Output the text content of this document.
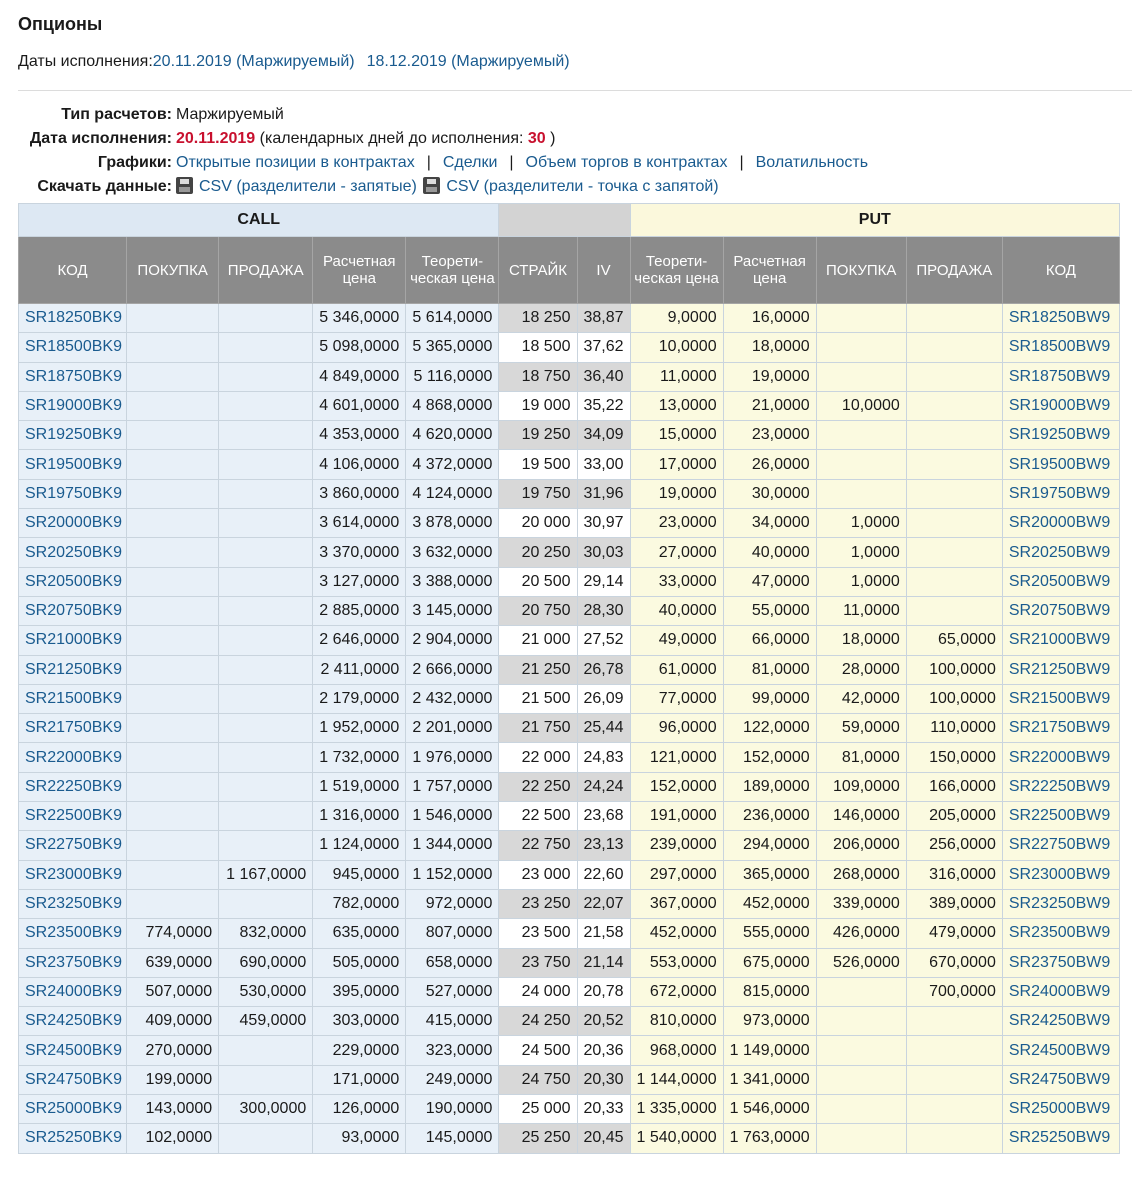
Опционы
Даты исполнения:20.11.2019 (Маржируемый) 18.12.2019 (Маржируемый)
Тип расчетов: Маржируемый
Дата исполнения: 20.11.2019 (календарных дней до исполнения: 30 )
Графики: Открытые позиции в контрактах | Сделки | Объем торгов в контрактах | Волатильность
Скачать данные:	CSV (разделители - запятые) CSV (разделители - точка с запятой)
CALL							PUT				
КОД	ПОКУПКА	ПРОДАЖА	Расчетная цена	Теорети-ческая цена	СТРАЙК	IV	Теорети-ческая цена	Расчетная цена	ПОКУПКА	ПРОДАЖА	КОД
SR18250BK9			5 346,0000	5 614,0000	18 250	38,87	9,0000	16,0000			SR18250BW9
SR18500BK9			5 098,0000	5 365,0000	18 500	37,62	10,0000	18,0000			SR18500BW9
SR18750BK9			4 849,0000	5 116,0000	18 750	36,40	11,0000	19,0000			SR18750BW9
SR19000BK9			4 601,0000	4 868,0000	19 000	35,22	13,0000	21,0000	10,0000		SR19000BW9
SR19250BK9			4 353,0000	4 620,0000	19 250	34,09	15,0000	23,0000			SR19250BW9
SR19500BK9			4 106,0000	4 372,0000	19 500	33,00	17,0000	26,0000			SR19500BW9
SR19750BK9			3 860,0000	4 124,0000	19 750	31,96	19,0000	30,0000			SR19750BW9
SR20000BK9			3 614,0000	3 878,0000	20 000	30,97	23,0000	34,0000	1,0000		SR20000BW9
SR20250BK9			3 370,0000	3 632,0000	20 250	30,03	27,0000	40,0000	1,0000		SR20250BW9
SR20500BK9			3 127,0000	3 388,0000	20 500	29,14	33,0000	47,0000	1,0000		SR20500BW9
SR20750BK9			2 885,0000	3 145,0000	20 750	28,30	40,0000	55,0000	11,0000		SR20750BW9
SR21000BK9			2 646,0000	2 904,0000	21 000	27,52	49,0000	66,0000	18,0000	65,0000	SR21000BW9
SR21250BK9			2 411,0000	2 666,0000	21 250	26,78	61,0000	81,0000	28,0000	100,0000	SR21250BW9
SR21500BK9			2 179,0000	2 432,0000	21 500	26,09	77,0000	99,0000	42,0000	100,0000	SR21500BW9
SR21750BK9			1 952,0000	2 201,0000	21 750	25,44	96,0000	122,0000	59,0000	110,0000	SR21750BW9
SR22000BK9			1 732,0000	1 976,0000	22 000	24,83	121,0000	152,0000	81,0000	150,0000	SR22000BW9
SR22250BK9			1 519,0000	1 757,0000	22 250	24,24	152,0000	189,0000	109,0000	166,0000	SR22250BW9
SR22500BK9			1 316,0000	1 546,0000	22 500	23,68	191,0000	236,0000	146,0000	205,0000	SR22500BW9
SR22750BK9			1 124,0000	1 344,0000	22 750	23,13	239,0000	294,0000	206,0000	256,0000	SR22750BW9
SR23000BK9		1 167,0000	945,0000	1 152,0000	23 000	22,60	297,0000	365,0000	268,0000	316,0000	SR23000BW9
SR23250BK9			782,0000	972,0000	23 250	22,07	367,0000	452,0000	339,0000	389,0000	SR23250BW9
SR23500BK9	774,0000	832,0000	635,0000	807,0000	23 500	21,58	452,0000	555,0000	426,0000	479,0000	SR23500BW9
SR23750BK9	639,0000	690,0000	505,0000	658,0000	23 750	21,14	553,0000	675,0000	526,0000	670,0000	SR23750BW9
SR24000BK9	507,0000	530,0000	395,0000	527,0000	24 000	20,78	672,0000	815,0000		700,0000	SR24000BW9
SR24250BK9	409,0000	459,0000	303,0000	415,0000	24 250	20,52	810,0000	973,0000			SR24250BW9
SR24500BK9	270,0000		229,0000	323,0000	24 500	20,36	968,0000	1 149,0000			SR24500BW9
SR24750BK9	199,0000		171,0000	249,0000	24 750	20,30	1 144,0000	1 341,0000			SR24750BW9
SR25000BK9	143,0000	300,0000	126,0000	190,0000	25 000	20,33	1 335,0000	1 546,0000			SR25000BW9
SR25250BK9	102,0000		93,0000	145,0000	25 250	20,45	1 540,0000	1 763,0000			SR25250BW9
